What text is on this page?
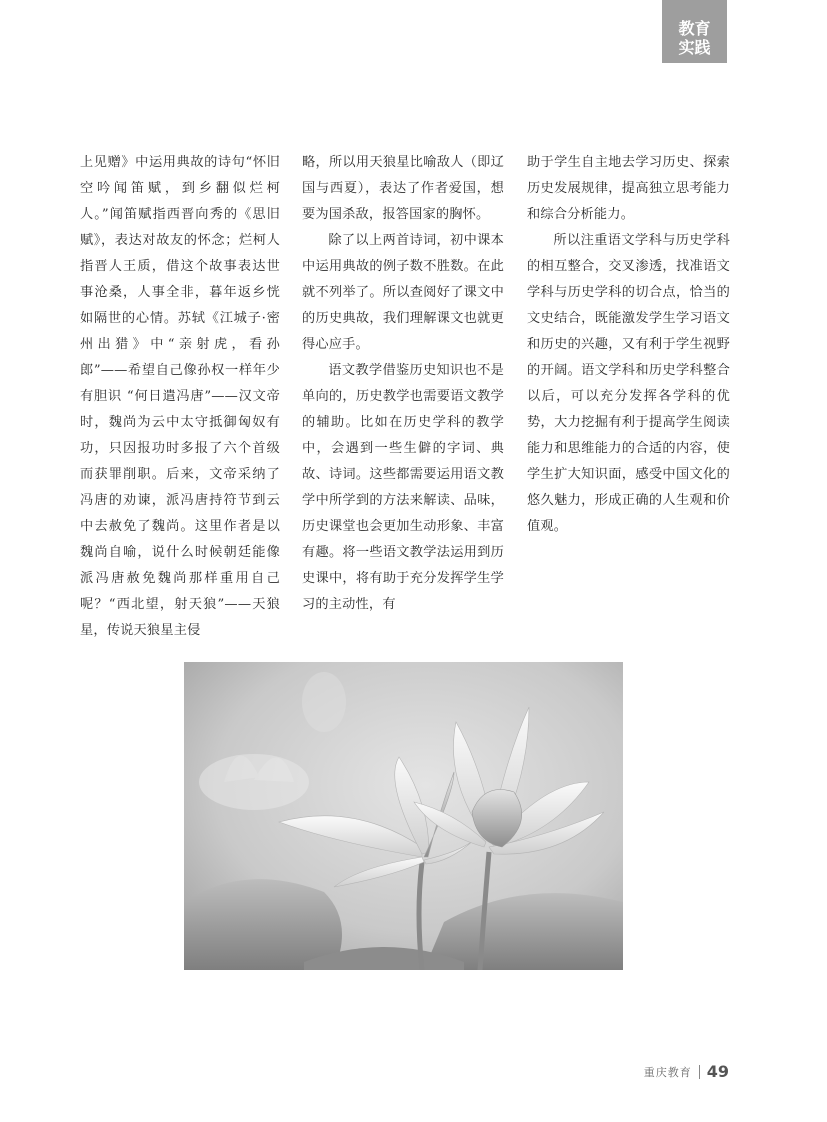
教育
实践

上见赠》中运用典故的诗句“怀旧空吟闻笛赋，到乡翻似烂柯人。”闻笛赋指西晋向秀的《思旧赋》，表达对故友的怀念；烂柯人指晋人王质，借这个故事表达世事沧桑，人事全非，暮年返乡恍如隔世的心情。苏轼《江城子·密州出猎》中“亲射虎，看孙郎”——希望自己像孙权一样年少有胆识 “何日遣冯唐”——汉文帝时，魏尚为云中太守抵御匈奴有功，只因报功时多报了六个首级而获罪削职。后来，文帝采纳了冯唐的劝谏，派冯唐持符节到云中去赦免了魏尚。这里作者是以魏尚自喻，说什么时候朝廷能像派冯唐赦免魏尚那样重用自己呢？“西北望，射天狼”——天狼星，传说天狼星主侵

略，所以用天狼星比喻敌人（即辽国与西夏），表达了作者爱国，想要为国杀敌，报答国家的胸怀。

除了以上两首诗词，初中课本中运用典故的例子数不胜数。在此就不列举了。所以查阅好了课文中的历史典故，我们理解课文也就更得心应手。

语文教学借鉴历史知识也不是单向的，历史教学也需要语文教学的辅助。比如在历史学科的教学中，会遇到一些生僻的字词、典故、诗词。这些都需要运用语文教学中所学到的方法来解读、品味，历史课堂也会更加生动形象、丰富有趣。将一些语文教学法运用到历史课中，将有助于充分发挥学生学习的主动性，有

助于学生自主地去学习历史、探索历史发展规律，提高独立思考能力和综合分析能力。

所以注重语文学科与历史学科的相互整合，交叉渗透，找准语文学科与历史学科的切合点，恰当的文史结合，既能激发学生学习语文和历史的兴趣，又有利于学生视野的开阔。语文学科和历史学科整合以后，可以充分发挥各学科的优势，大力挖掘有利于提高学生阅读能力和思维能力的合适的内容，使学生扩大知识面，感受中国文化的悠久魅力，形成正确的人生观和价值观。

重庆教育 49
